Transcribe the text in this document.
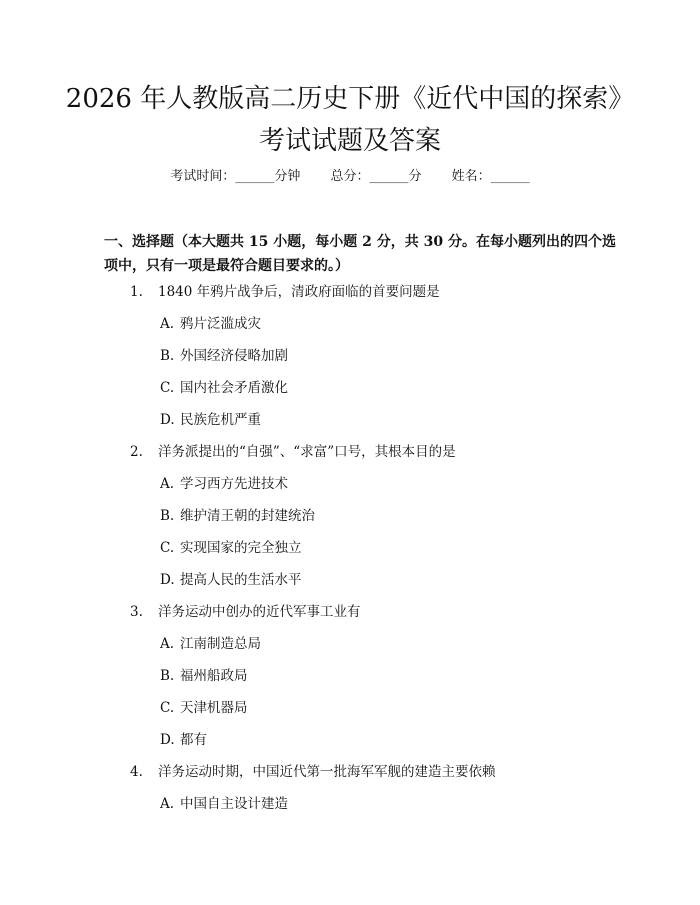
2026 年人教版高二历史下册《近代中国的探索》考试试题及答案
考试时间：______分钟 总分：______分 姓名：______

一、选择题（本大题共 15 小题，每小题 2 分，共 30 分。在每小题列出的四个选项中，只有一项是最符合题目要求的。）

1. 1840 年鸦片战争后，清政府面临的首要问题是
A. 鸦片泛滥成灾
B. 外国经济侵略加剧
C. 国内社会矛盾激化
D. 民族危机严重
2. 洋务派提出的“自强”、“求富”口号，其根本目的是
A. 学习西方先进技术
B. 维护清王朝的封建统治
C. 实现国家的完全独立
D. 提高人民的生活水平
3. 洋务运动中创办的近代军事工业有
A. 江南制造总局
B. 福州船政局
C. 天津机器局
D. 都有
4. 洋务运动时期，中国近代第一批海军军舰的建造主要依赖
A. 中国自主设计建造
